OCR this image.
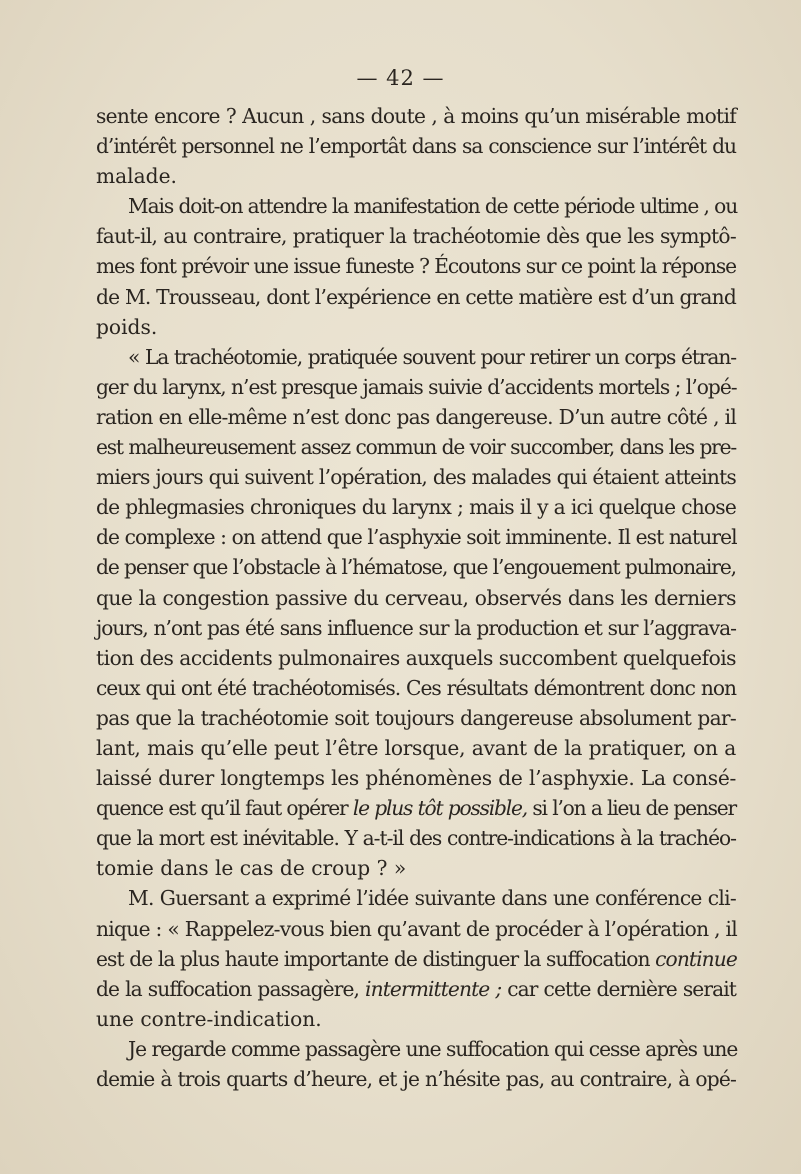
— 42 —
sente encore ? Aucun , sans doute , à moins qu’un misérable motif
d’intérêt personnel ne l’emportât dans sa conscience sur l’intérêt du
malade.
Mais doit-on attendre la manifestation de cette période ultime , ou
faut-il, au contraire, pratiquer la trachéotomie dès que les symptô-
mes font prévoir une issue funeste ? Écoutons sur ce point la réponse
de M. Trousseau, dont l’expérience en cette matière est d’un grand
poids.
« La trachéotomie, pratiquée souvent pour retirer un corps étran-
ger du larynx, n’est presque jamais suivie d’accidents mortels ; l’opé-
ration en elle-même n’est donc pas dangereuse. D’un autre côté , il
est malheureusement assez commun de voir succomber, dans les pre-
miers jours qui suivent l’opération, des malades qui étaient atteints
de phlegmasies chroniques du larynx ; mais il y a ici quelque chose
de complexe : on attend que l’asphyxie soit imminente. Il est naturel
de penser que l’obstacle à l’hématose, que l’engouement pulmonaire,
que la congestion passive du cerveau, observés dans les derniers
jours, n’ont pas été sans influence sur la production et sur l’aggrava-
tion des accidents pulmonaires auxquels succombent quelquefois
ceux qui ont été trachéotomisés. Ces résultats démontrent donc non
pas que la trachéotomie soit toujours dangereuse absolument par-
lant, mais qu’elle peut l’être lorsque, avant de la pratiquer, on a
laissé durer longtemps les phénomènes de l’asphyxie. La consé-
quence est qu’il faut opérer le plus tôt possible, si l’on a lieu de penser
que la mort est inévitable. Y a-t-il des contre-indications à la trachéo-
tomie dans le cas de croup ? »
M. Guersant a exprimé l’idée suivante dans une conférence cli-
nique : « Rappelez-vous bien qu’avant de procéder à l’opération , il
est de la plus haute importante de distinguer la suffocation continue
de la suffocation passagère, intermittente ; car cette dernière serait
une contre-indication.
Je regarde comme passagère une suffocation qui cesse après une
demie à trois quarts d’heure, et je n’hésite pas, au contraire, à opé-
